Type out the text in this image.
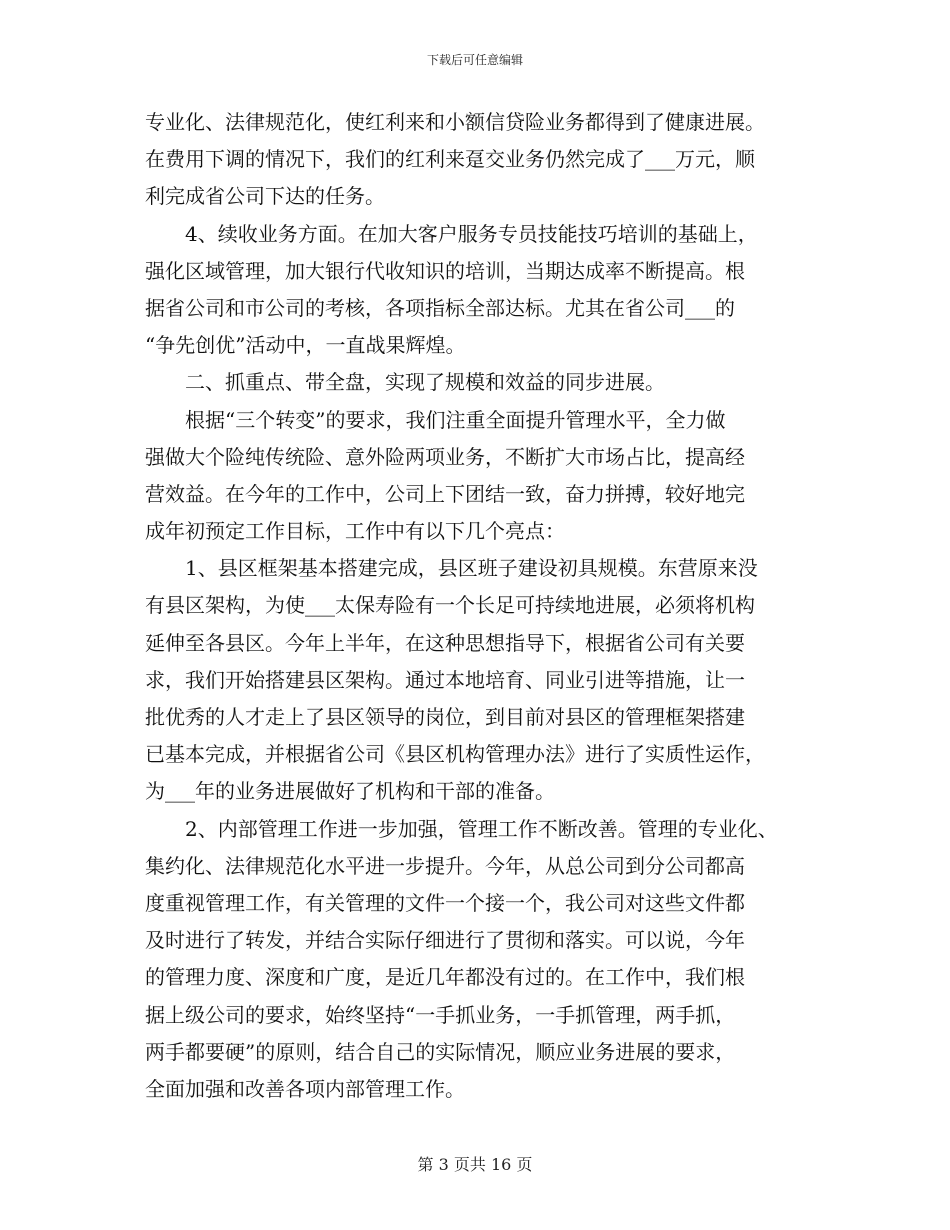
下载后可任意编辑
专业化、法律规范化，使红利来和小额信贷险业务都得到了健康进展。
在费用下调的情况下，我们的红利来趸交业务仍然完成了___万元，顺
利完成省公司下达的任务。
4、续收业务方面。在加大客户服务专员技能技巧培训的基础上，
强化区域管理，加大银行代收知识的培训，当期达成率不断提高。根
据省公司和市公司的考核，各项指标全部达标。尤其在省公司___的
“争先创优”活动中，一直战果辉煌。
二、抓重点、带全盘，实现了规模和效益的同步进展。
根据“三个转变”的要求，我们注重全面提升管理水平，全力做
强做大个险纯传统险、意外险两项业务，不断扩大市场占比，提高经
营效益。在今年的工作中，公司上下团结一致，奋力拼搏，较好地完
成年初预定工作目标，工作中有以下几个亮点：
1、县区框架基本搭建完成，县区班子建设初具规模。东营原来没
有县区架构，为使___太保寿险有一个长足可持续地进展，必须将机构
延伸至各县区。今年上半年，在这种思想指导下，根据省公司有关要
求，我们开始搭建县区架构。通过本地培育、同业引进等措施，让一
批优秀的人才走上了县区领导的岗位，到目前对县区的管理框架搭建
已基本完成，并根据省公司《县区机构管理办法》进行了实质性运作，
为___年的业务进展做好了机构和干部的准备。
2、内部管理工作进一步加强，管理工作不断改善。管理的专业化、
集约化、法律规范化水平进一步提升。今年，从总公司到分公司都高
度重视管理工作，有关管理的文件一个接一个，我公司对这些文件都
及时进行了转发，并结合实际仔细进行了贯彻和落实。可以说，今年
的管理力度、深度和广度，是近几年都没有过的。在工作中，我们根
据上级公司的要求，始终坚持“一手抓业务，一手抓管理，两手抓，
两手都要硬”的原则，结合自己的实际情况，顺应业务进展的要求，
全面加强和改善各项内部管理工作。
第 3 页共 16 页
